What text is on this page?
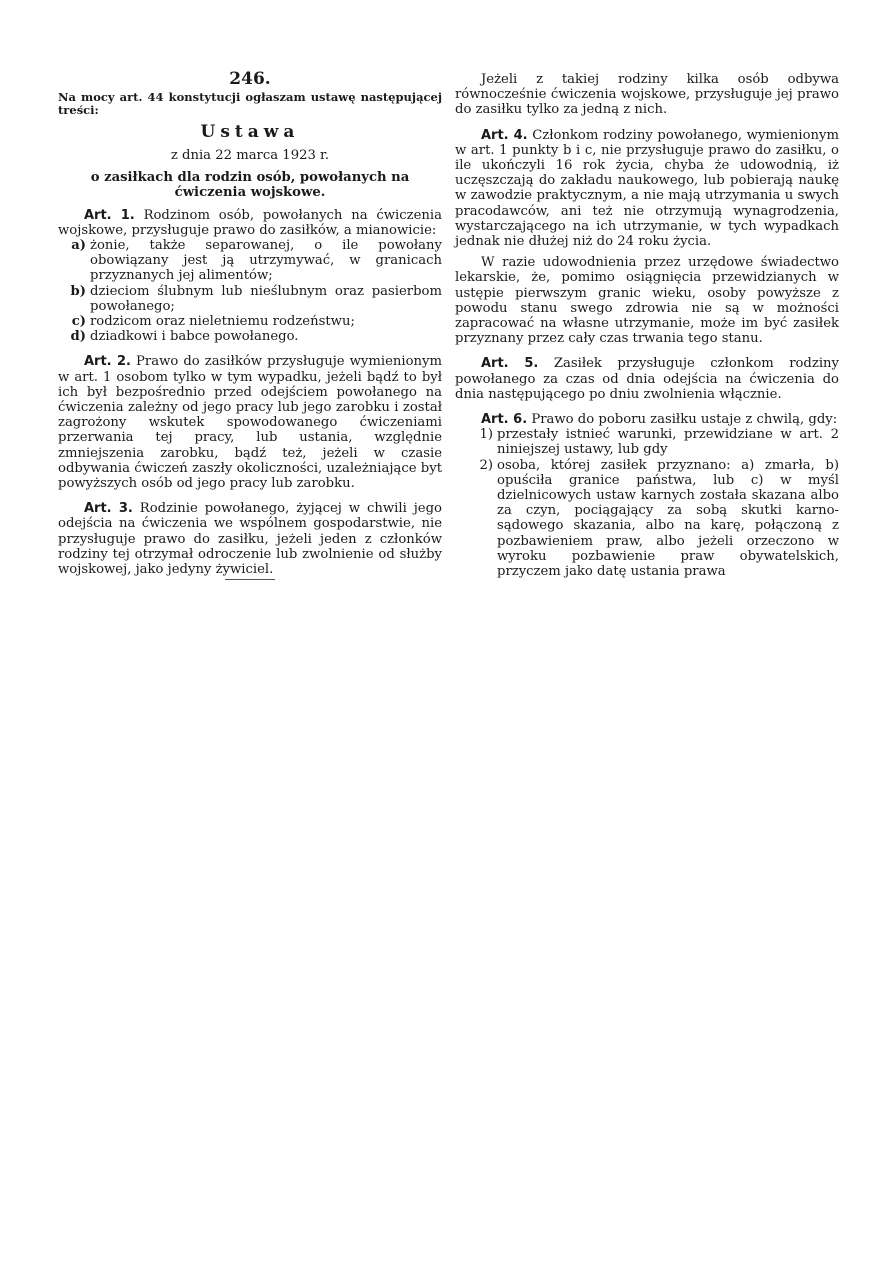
246.

Na mocy art. 44 konstytucji ogłaszam ustawę następującej treści:

Ustawa

z dnia 22 marca 1923 r.

o zasiłkach dla rodzin osób, powołanych na ćwiczenia wojskowe.

Art. 1. Rodzinom osób, powołanych na ćwiczenia wojskowe, przysługuje prawo do zasiłków, a mianowicie:

a) żonie, także separowanej, o ile powołany obowiązany jest ją utrzymywać, w granicach przyznanych jej alimentów;
b) dzieciom ślubnym lub nieślubnym oraz pasierbom powołanego;
c) rodzicom oraz nieletniemu rodzeństwu;
d) dziadkowi i babce powołanego.

Art. 2. Prawo do zasiłków przysługuje wymienionym w art. 1 osobom tylko w tym wypadku, jeżeli bądź to był ich był bezpośrednio przed odejściem powołanego na ćwiczenia zależny od jego pracy lub jego zarobku i został zagrożony wskutek spowodowanego ćwiczeniami przerwania tej pracy, lub ustania, względnie zmniejszenia zarobku, bądź też, jeżeli w czasie odbywania ćwiczeń zaszły okoliczności, uzależniające byt powyższych osób od jego pracy lub zarobku.

Art. 3. Rodzinie powołanego, żyjącej w chwili jego odejścia na ćwiczenia we wspólnem gospodarstwie, nie przysługuje prawo do zasiłku, jeżeli jeden z członków rodziny tej otrzymał odroczenie lub zwolnienie od służby wojskowej, jako jedyny żywiciel.

Jeżeli z takiej rodziny kilka osób odbywa równocześnie ćwiczenia wojskowe, przysługuje jej prawo do zasiłku tylko za jedną z nich.

Art. 4. Członkom rodziny powołanego, wymienionym w art. 1 punkty b i c, nie przysługuje prawo do zasiłku, o ile ukończyli 16 rok życia, chyba że udowodnią, iż uczęszczają do zakładu naukowego, lub pobierają naukę w zawodzie praktycznym, a nie mają utrzymania u swych pracodawców, ani też nie otrzymują wynagrodzenia, wystarczającego na ich utrzymanie, w tych wypadkach jednak nie dłużej niż do 24 roku życia.

W razie udowodnienia przez urzędowe świadectwo lekarskie, że, pomimo osiągnięcia przewidzianych w ustępie pierwszym granic wieku, osoby powyższe z powodu stanu swego zdrowia nie są w możności zapracować na własne utrzymanie, może im być zasiłek przyznany przez cały czas trwania tego stanu.

Art. 5. Zasiłek przysługuje członkom rodziny powołanego za czas od dnia odejścia na ćwiczenia do dnia następującego po dniu zwolnienia włącznie.

Art. 6. Prawo do poboru zasiłku ustaje z chwilą, gdy:

1) przestały istnieć warunki, przewidziane w art. 2 niniejszej ustawy, lub gdy
2) osoba, której zasiłek przyznano: a) zmarła, b) opuściła granice państwa, lub c) w myśl dzielnicowych ustaw karnych została skazana albo za czyn, pociągający za sobą skutki karno-sądowego skazania, albo na karę, połączoną z pozbawieniem praw, albo jeżeli orzeczono w wyroku pozbawienie praw obywatelskich, przyczem jako datę ustania prawa
